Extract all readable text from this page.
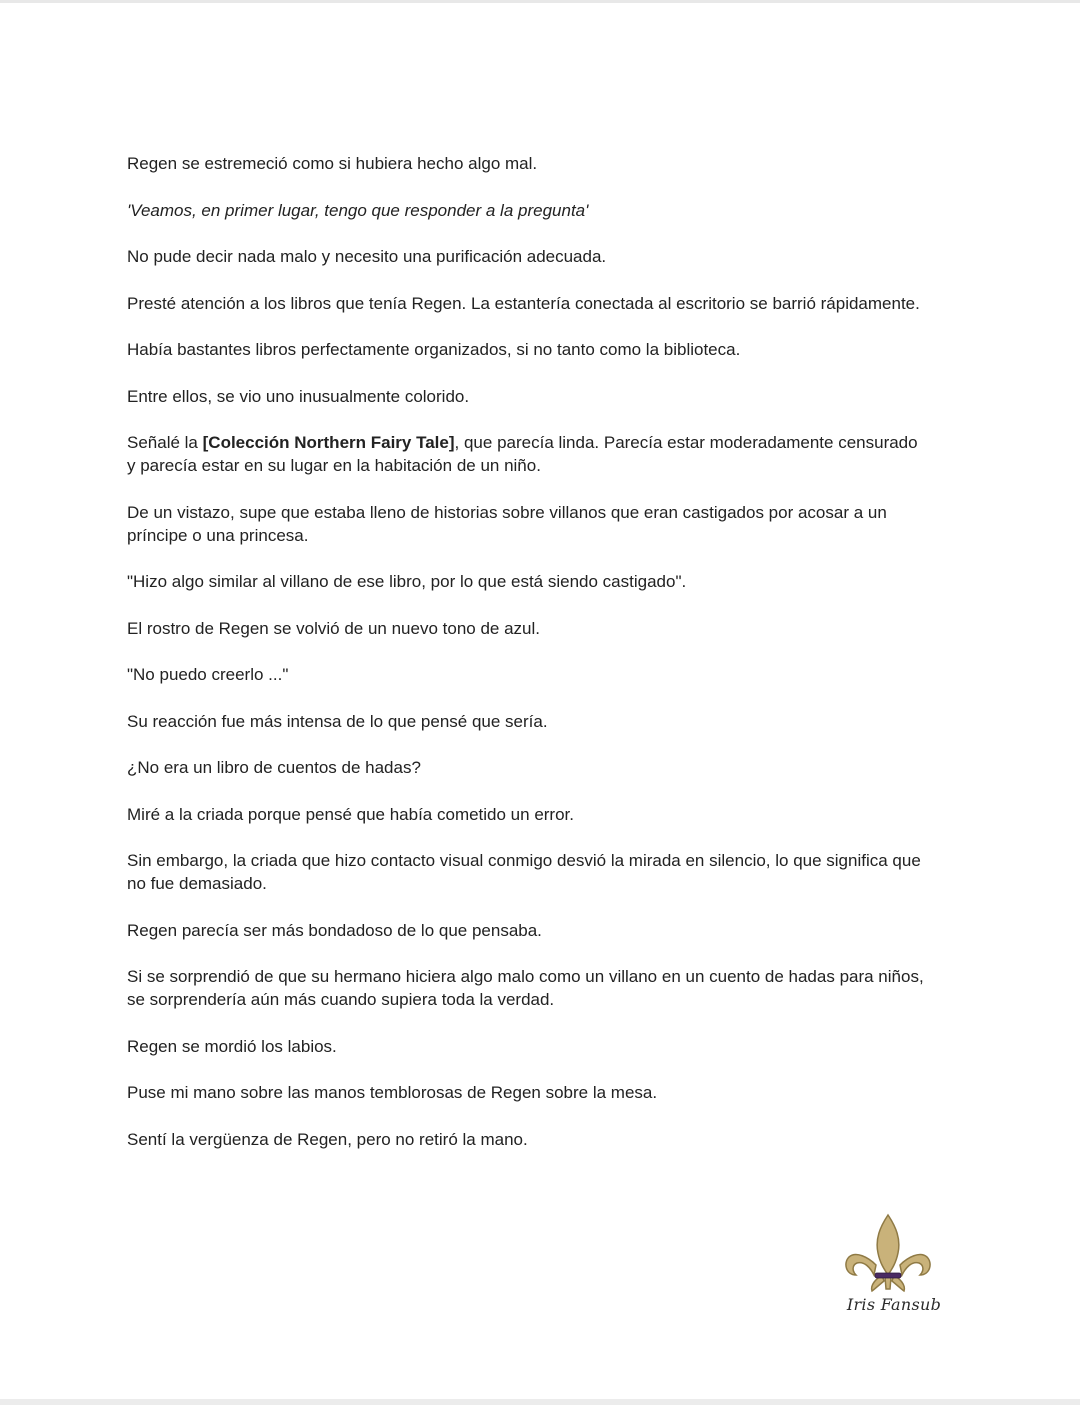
Regen se estremeció como si hubiera hecho algo mal.

'Veamos, en primer lugar, tengo que responder a la pregunta'

No pude decir nada malo y necesito una purificación adecuada.

Presté atención a los libros que tenía Regen. La estantería conectada al escritorio se barrió rápidamente.

Había bastantes libros perfectamente organizados, si no tanto como la biblioteca.

Entre ellos, se vio uno inusualmente colorido.

Señalé la [Colección Northern Fairy Tale], que parecía linda. Parecía estar moderadamente censurado y parecía estar en su lugar en la habitación de un niño.

De un vistazo, supe que estaba lleno de historias sobre villanos que eran castigados por acosar a un príncipe o una princesa.

"Hizo algo similar al villano de ese libro, por lo que está siendo castigado".

El rostro de Regen se volvió de un nuevo tono de azul.

"No puedo creerlo ..."

Su reacción fue más intensa de lo que pensé que sería.

¿No era un libro de cuentos de hadas?

Miré a la criada porque pensé que había cometido un error.

Sin embargo, la criada que hizo contacto visual conmigo desvió la mirada en silencio, lo que significa que no fue demasiado.

Regen parecía ser más bondadoso de lo que pensaba.

Si se sorprendió de que su hermano hiciera algo malo como un villano en un cuento de hadas para niños, se sorprendería aún más cuando supiera toda la verdad.

Regen se mordió los labios.

Puse mi mano sobre las manos temblorosas de Regen sobre la mesa.

Sentí la vergüenza de Regen, pero no retiró la mano.

Iris Fansub
